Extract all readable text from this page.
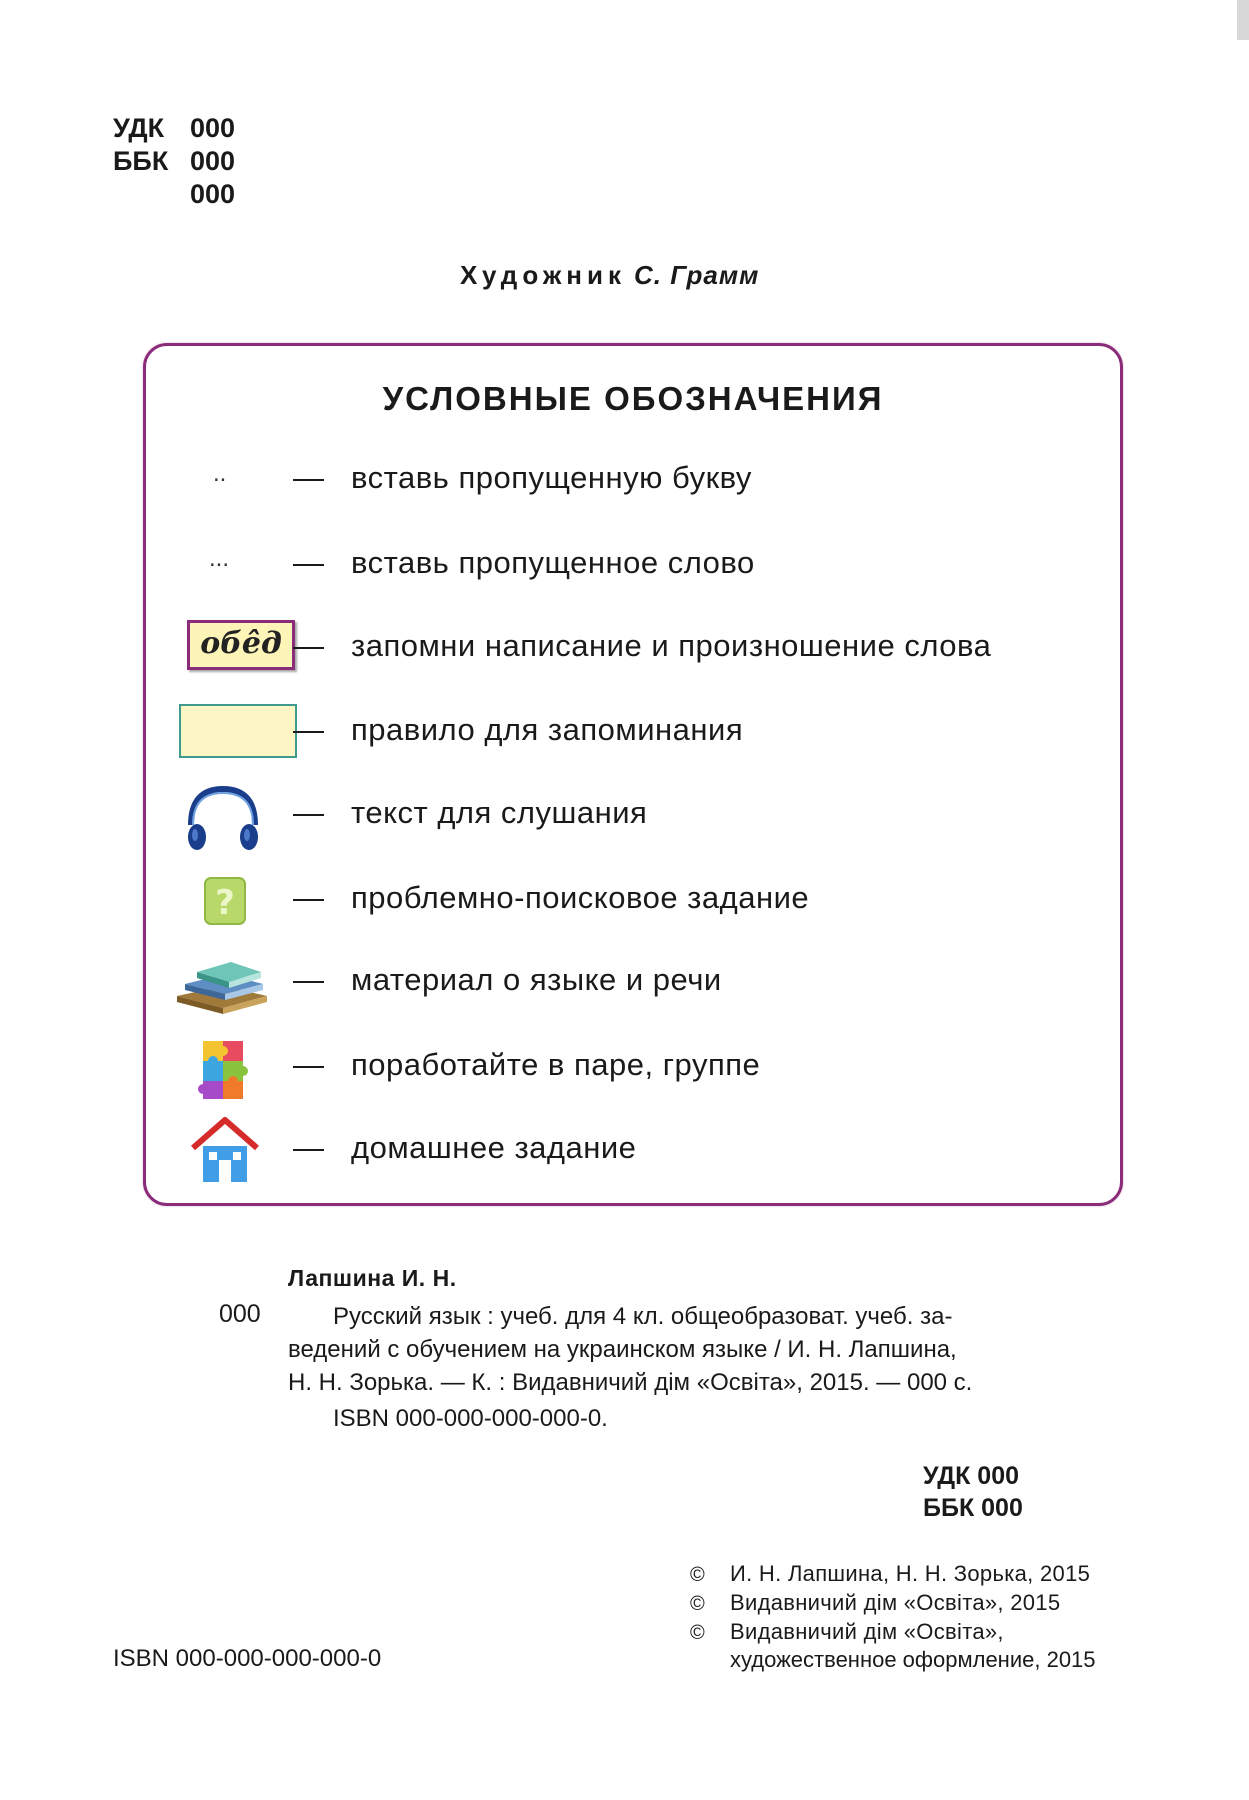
УДК 000
ББК 000
000
Художник С. Грамм
УСЛОВНЫЕ ОБОЗНАЧЕНИЯ
.. — вставь пропущенную букву
... — вставь пропущенное слово
обе̂д — запомни написание и произношение слова
— правило для запоминания
— текст для слушания
? — проблемно-поисковое задание
— материал о языке и речи
— поработайте в паре, группе
— домашнее задание
Лапшина И. Н.
000	Русский язык : учеб. для 4 кл. общеобразоват. учеб. за-
ведений с обучением на украинском языке / И. Н. Лапшина,
Н. Н. Зорька. — К. : Видавничий дім «Освіта», 2015. — 000 с.
ISBN 000-000-000-000-0.
УДК 000
ББК 000
© И. Н. Лапшина, Н. Н. Зорька, 2015
© Видавничий дім «Освіта», 2015
© Видавничий дім «Освіта»,
художественное оформление, 2015
ISBN 000-000-000-000-0
